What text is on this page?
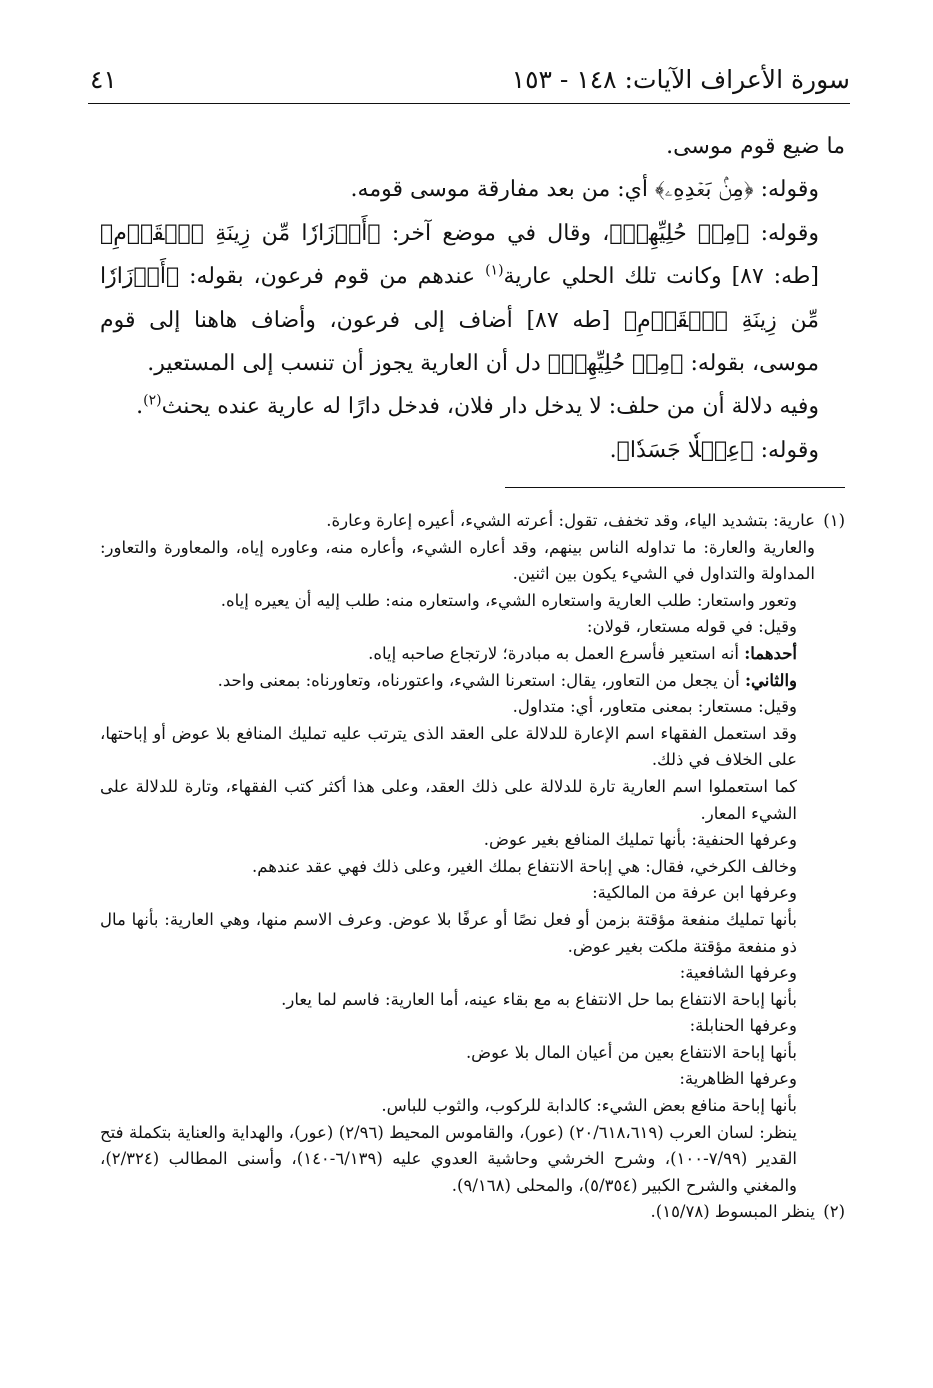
سورة الأعراف الآيات: ١٤٨ - ١٥٣
٤١

ما ضيع قوم موسى.

وقوله: ﴿مِنۢ بَعۡدِهِۦ﴾ أي: من بعد مفارقة موسى قومه.

وقوله: ﴿مِنۡ حُلِيِّهِمۡ﴾، وقال في موضع آخر: ﴿أَوۡزَارٗا مِّن زِينَةِ ٱلۡقَوۡمِ﴾ [طه: ٨٧] وكانت تلك الحلي عارية$^{(١)}$ عندهم من قوم فرعون، بقوله: ﴿أَوۡزَارٗا مِّن زِينَةِ ٱلۡقَوۡمِ﴾ [طه ٨٧] أضاف إلى فرعون، وأضاف هاهنا إلى قوم موسى، بقوله: ﴿مِنۡ حُلِيِّهِمۡ﴾ دل أن العارية يجوز أن تنسب إلى المستعير.

وفيه دلالة أن من حلف: لا يدخل دار فلان، فدخل دارًا له عارية عنده يحنث$^{(٢)}$.

وقوله: ﴿عِجۡلٗا جَسَدٗا﴾.

(١)عارية: بتشديد الياء، وقد تخفف، تقول: أعرته الشيء، أعيره إعارة وعارة.

والعارية والعارة: ما تداوله الناس بينهم، وقد أعاره الشيء، وأعاره منه، وعاوره إياه، والمعاورة والتعاور: المداولة والتداول في الشيء يكون بين اثنين.

وتعور واستعار: طلب العارية واستعاره الشيء، واستعاره منه: طلب إليه أن يعيره إياه.

وقيل: في قوله مستعار، قولان:

أحدهما: أنه استعير فأسرع العمل به مبادرة؛ لارتجاع صاحبه إياه.

والثاني: أن يجعل من التعاور، يقال: استعرنا الشيء، واعتورناه، وتعاورناه: بمعنى واحد.

وقيل: مستعار: بمعنى متعاور، أي: متداول.

وقد استعمل الفقهاء اسم الإعارة للدلالة على العقد الذى يترتب عليه تمليك المنافع بلا عوض أو إباحتها، على الخلاف في ذلك.

كما استعملوا اسم العارية تارة للدلالة على ذلك العقد، وعلى هذا أكثر كتب الفقهاء، وتارة للدلالة على الشيء المعار.

وعرفها الحنفية: بأنها تمليك المنافع بغير عوض.

وخالف الكرخي، فقال: هي إباحة الانتفاع بملك الغير، وعلى ذلك فهي عقد عندهم.

وعرفها ابن عرفة من المالكية:

بأنها تمليك منفعة مؤقتة بزمن أو فعل نصًا أو عرفًا بلا عوض. وعرف الاسم منها، وهي العارية: بأنها مال ذو منفعة مؤقتة ملكت بغير عوض.

وعرفها الشافعية:

بأنها إباحة الانتفاع بما حل الانتفاع به مع بقاء عينه، أما العارية: فاسم لما يعار.

وعرفها الحنابلة:

بأنها إباحة الانتفاع بعين من أعيان المال بلا عوض.

وعرفها الظاهرية:

بأنها إباحة منافع بعض الشيء: كالدابة للركوب، والثوب للباس.

ينظر: لسان العرب (٢٠/٦١٨،٦١٩) (عور)، والقاموس المحيط (٢/٩٦) (عور)، والهداية والعناية بتكملة فتح القدير (٧/٩٩-١٠٠)، وشرح الخرشي وحاشية العدوي عليه (٦/١٣٩-١٤٠)، وأسنى المطالب (٢/٣٢٤)، والمغني والشرح الكبير (٥/٣٥٤)، والمحلى (٩/١٦٨).

(٢)ينظر المبسوط (١٥/٧٨).
